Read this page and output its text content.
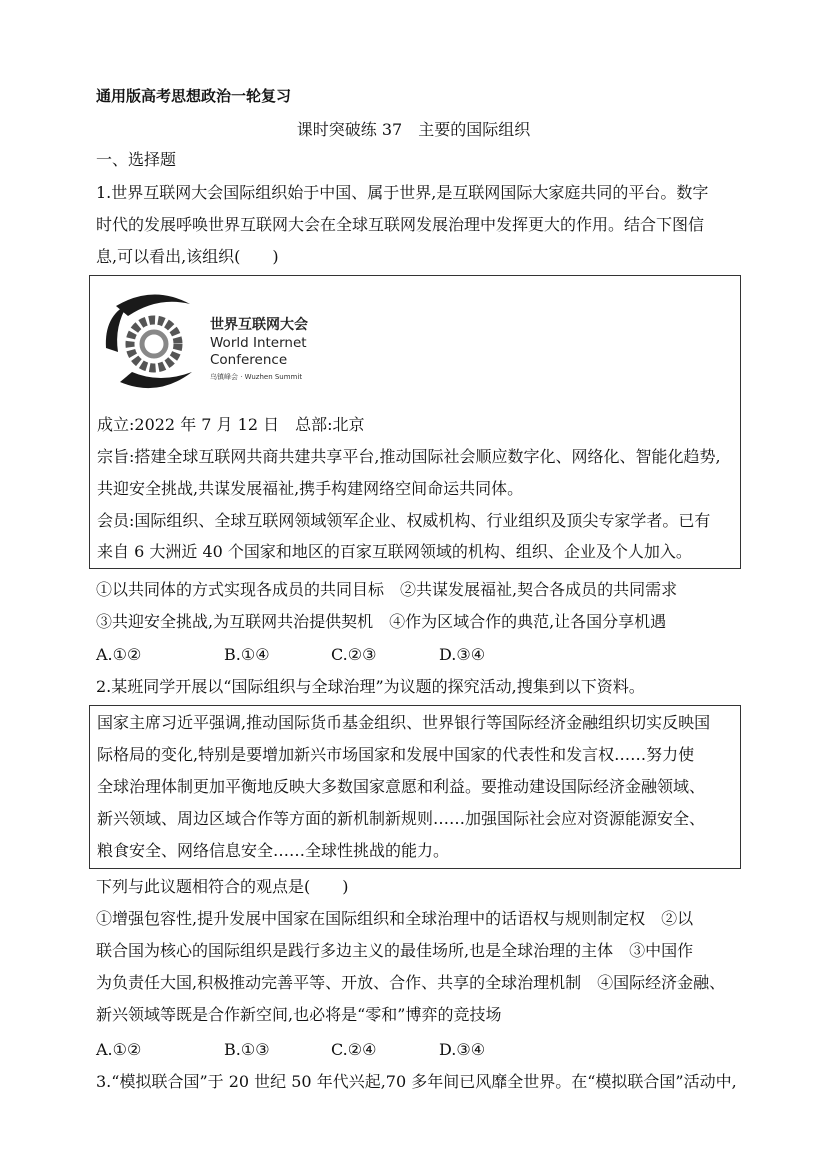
通用版高考思想政治一轮复习
课时突破练 37　主要的国际组织
一、选择题
1.世界互联网大会国际组织始于中国、属于世界,是互联网国际大家庭共同的平台。数字
时代的发展呼唤世界互联网大会在全球互联网发展治理中发挥更大的作用。结合下图信
息,可以看出,该组织(　　)
世界互联网大会
World Internet
Conference
乌镇峰会 · Wuzhen Summit
成立:2022 年 7 月 12 日　总部:北京
宗旨:搭建全球互联网共商共建共享平台,推动国际社会顺应数字化、网络化、智能化趋势,
共迎安全挑战,共谋发展福祉,携手构建网络空间命运共同体。
会员:国际组织、全球互联网领域领军企业、权威机构、行业组织及顶尖专家学者。已有
来自 6 大洲近 40 个国家和地区的百家互联网领域的机构、组织、企业及个人加入。
①以共同体的方式实现各成员的共同目标　②共谋发展福祉,契合各成员的共同需求
③共迎安全挑战,为互联网共治提供契机　④作为区域合作的典范,让各国分享机遇
A.①②	B.①④	C.②③	D.③④
2.某班同学开展以“国际组织与全球治理”为议题的探究活动,搜集到以下资料。
国家主席习近平强调,推动国际货币基金组织、世界银行等国际经济金融组织切实反映国
际格局的变化,特别是要增加新兴市场国家和发展中国家的代表性和发言权……努力使
全球治理体制更加平衡地反映大多数国家意愿和利益。要推动建设国际经济金融领域、
新兴领域、周边区域合作等方面的新机制新规则……加强国际社会应对资源能源安全、
粮食安全、网络信息安全……全球性挑战的能力。
下列与此议题相符合的观点是(　　)
①增强包容性,提升发展中国家在国际组织和全球治理中的话语权与规则制定权　②以
联合国为核心的国际组织是践行多边主义的最佳场所,也是全球治理的主体　③中国作
为负责任大国,积极推动完善平等、开放、合作、共享的全球治理机制　④国际经济金融、
新兴领域等既是合作新空间,也必将是“零和”博弈的竞技场
A.①②	B.①③	C.②④	D.③④
3.“模拟联合国”于 20 世纪 50 年代兴起,70 多年间已风靡全世界。在“模拟联合国”活动中,
